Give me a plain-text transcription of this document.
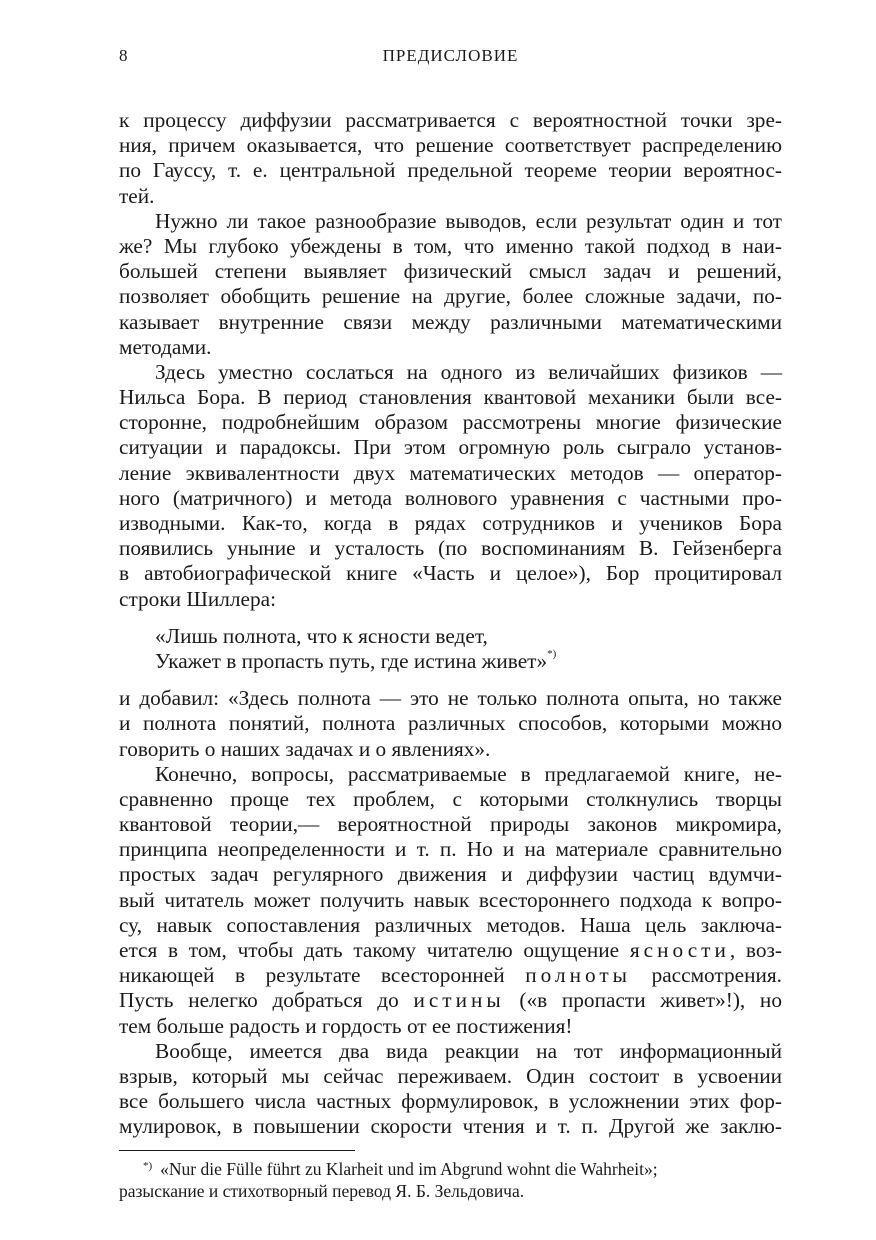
8	ПРЕДИСЛОВИЕ
к процессу диффузии рассматривается с вероятностной точки зре-
ния, причем оказывается, что решение соответствует распределению
по Гауссу, т. е. центральной предельной теореме теории вероятнос-
тей.
Нужно ли такое разнообразие выводов, если результат один и тот
же? Мы глубоко убеждены в том, что именно такой подход в наи-
большей степени выявляет физический смысл задач и решений,
позволяет обобщить решение на другие, более сложные задачи, по-
казывает внутренние связи между различными математическими
методами.
Здесь уместно сослаться на одного из величайших физиков —
Нильса Бора. В период становления квантовой механики были все-
сторонне, подробнейшим образом рассмотрены многие физические
ситуации и парадоксы. При этом огромную роль сыграло установ-
ление эквивалентности двух математических методов — оператор-
ного (матричного) и метода волнового уравнения с частными про-
изводными. Как-то, когда в рядах сотрудников и учеников Бора
появились уныние и усталость (по воспоминаниям В. Гейзенберга
в автобиографической книге «Часть и целое»), Бор процитировал
строки Шиллера:
«Лишь полнота, что к ясности ведет,
Укажет в пропасть путь, где истина живет»*)
и добавил: «Здесь полнота — это не только полнота опыта, но также
и полнота понятий, полнота различных способов, которыми можно
говорить о наших задачах и о явлениях».
Конечно, вопросы, рассматриваемые в предлагаемой книге, не-
сравненно проще тех проблем, с которыми столкнулись творцы
квантовой теории,— вероятностной природы законов микромира,
принципа неопределенности и т. п. Но и на материале сравнительно
простых задач регулярного движения и диффузии частиц вдумчи-
вый читатель может получить навык всестороннего подхода к вопро-
су, навык сопоставления различных методов. Наша цель заключа-
ется в том, чтобы дать такому читателю ощущение ясности, воз-
никающей в результате всесторонней полноты рассмотрения.
Пусть нелегко добраться до истины («в пропасти живет»!), но
тем больше радость и гордость от ее постижения!
Вообще, имеется два вида реакции на тот информационный
взрыв, который мы сейчас переживаем. Один состоит в усвоении
все большего числа частных формулировок, в усложнении этих фор-
мулировок, в повышении скорости чтения и т. п. Другой же заклю-
*) «Nur die Fülle führt zu Klarheit und im Abgrund wohnt die Wahrheit»;
разыскание и стихотворный перевод Я. Б. Зельдовича.
